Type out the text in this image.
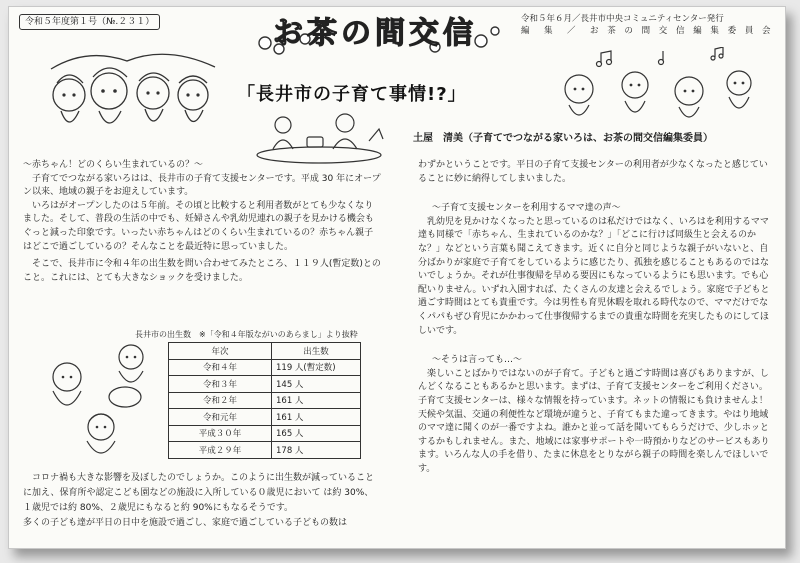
令和５年度第１号（№.２３１）	お茶の間交信	令和５年６月／長井市中央コミュニティセンター発行
編　集　／　お 茶 の 間 交 信 編 集 委 員 会
「長井市の子育て事情!?」
土屋　清美（子育てでつながる家いろは、お茶の間交信編集委員）

～赤ちゃん！どのくらい生まれているの？～

子育てでつながる家いろはは、長井市の子育て支援センターです。平成 30 年にオープン以来、地域の親子をお迎えしています。

いろはがオープンしたのは５年前。その頃と比較すると利用者数がとても少なくなりました。そして、普段の生活の中でも、妊婦さんや乳幼児連れの親子を見かける機会もぐっと減った印象です。いったい赤ちゃんはどのくらい生まれているの？赤ちゃん親子はどこで過ごしているの？そんなことを最近特に思っていました。

そこで、長井市に令和４年の出生数を問い合わせてみたところ、１１９人(暫定数)とのこと。これには、とても大きなショックを受けました。

長井市の出生数　※「令和４年版ながいのあらまし」より抜粋
年次	出生数
令和４年	119 人(暫定数)
令和３年	145 人
令和２年	161 人
令和元年	161 人
平成３０年	165 人
平成２９年	178 人

コロナ禍も大きな影響を及ぼしたのでしょうか。このように出生数が減っていることに加え、保育所や認定こども園などの施設に入所している０歳児において は約 30%、１歳児では約 80%、２歳児にもなると約 90%にもなるそうです。

多くの子ども達が平日の日中を施設で過ごし、家庭で過ごしている子どもの数は

わずかということです。平日の子育て支援センターの利用者が少なくなったと感じていることに妙に納得してしまいました。

～子育て支援センターを利用するママ達の声～

乳幼児を見かけなくなったと思っているのは私だけではなく、いろはを利用するママ達も同様で「赤ちゃん、生まれているのかな？」「どこに行けば同級生と会えるのかな？」などという言葉も聞こえてきます。近くに自分と同じような親子がいないと、自分ばかりが家庭で子育てをしているように感じたり、孤独を感じることもあるのではないでしょうか。それが仕事復帰を早める要因にもなっているようにも思います。でも心配いりません。いずれ入園すれば、たくさんの友達と会えるでしょう。家庭で子どもと過ごす時間はとても貴重です。今は男性も育児休暇を取れる時代なので、ママだけでなくパパもぜひ育児にかかわって仕事復帰するまでの貴重な時間を充実したものにしてほしいです。

～そうは言っても…～

楽しいことばかりではないのが子育て。子どもと過ごす時間は喜びもありますが、しんどくなることもあるかと思います。まずは、子育て支援センターをご利用ください。子育て支援センターは、様々な情報を持っています。ネットの情報にも負けませんよ！　天候や気温、交通の利便性など環境が違うと、子育てもまた違ってきます。やはり地域のママ達に聞くのが一番ですよね。誰かと並って話を聞いてもらうだけで、少しホッとするかもしれません。また、地域には家事サポートや一時預かりなどのサービスもあります。いろんな人の手を借り、たまに休息をとりながら親子の時間を楽しんでほしいです。
